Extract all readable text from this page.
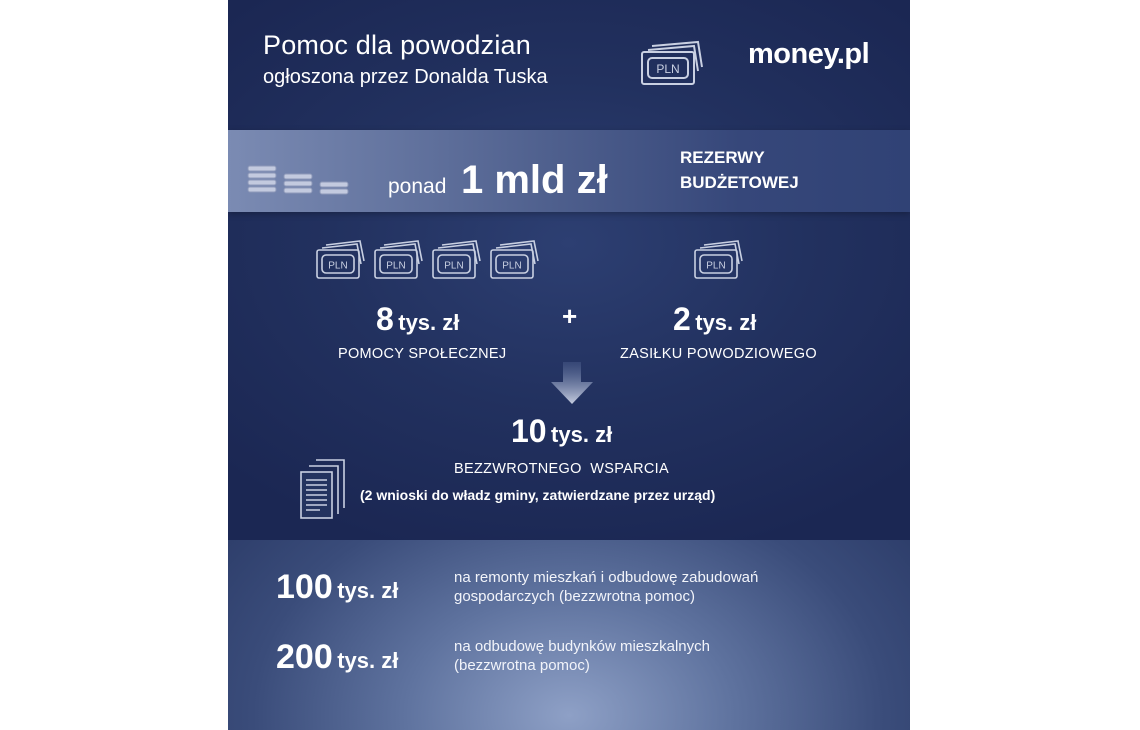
Pomoc dla powodzian
ogłoszona przez Donalda Tuska	PLN money.pl
ponad 1 mld zł
REZERWY
BUDŻETOWEJ
PLN	PLN	PLN	PLN	PLN
8 tys. zł
POMOCY SPOŁECZNEJ
+	2 tys. zł
ZASIŁKU POWODZIOWEGO
10 tys. zł
BEZZWROTNEGO  WSPARCIA
(2 wnioski do władz gminy, zatwierdzane przez urząd)
100 tys. zł
na remonty mieszkań i odbudowę zabudowań
gospodarczych (bezzwrotna pomoc)
200 tys. zł
na odbudowę budynków mieszkalnych
(bezzwrotna pomoc)
